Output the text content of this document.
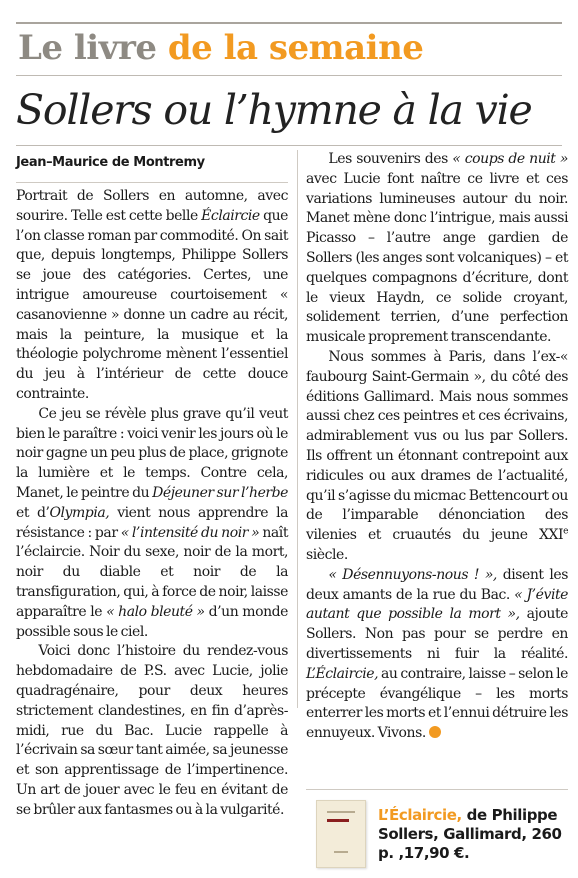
Le livre de la semaine
Sollers ou l’hymne à la vie
Jean–Maurice de Montremy

Portrait de Sollers en automne, avec sourire. Telle est cette belle Éclaircie que l’on classe roman par commodité. On sait que, depuis longtemps, Philippe Sollers se joue des catégories. Certes, une intrigue amoureuse courtoisement « casanovienne » donne un cadre au récit, mais la peinture, la musique et la théologie polychrome mènent l’essentiel du jeu à l’intérieur de cette douce contrainte.

Ce jeu se révèle plus grave qu’il veut bien le paraître : voici venir les jours où le noir gagne un peu plus de place, grignote la lumière et le temps. Contre cela, Manet, le peintre du Déjeuner sur l’herbe et d’Olympia, vient nous apprendre la résistance : par « l’intensité du noir » naît l’éclaircie. Noir du sexe, noir de la mort, noir du diable et noir de la transfiguration, qui, à force de noir, laisse apparaître le « halo bleuté » d’un monde possible sous le ciel.

Voici donc l’histoire du rendez-vous hebdomadaire de P.S. avec Lucie, jolie quadragénaire, pour deux heures strictement clandestines, en fin d’après-midi, rue du Bac. Lucie rappelle à l’écrivain sa sœur tant aimée, sa jeunesse et son apprentissage de l’impertinence. Un art de jouer avec le feu en évitant de se brûler aux fantasmes ou à la vulgarité.

Les souvenirs des « coups de nuit » avec Lucie font naître ce livre et ces variations lumineuses autour du noir. Manet mène donc l’intrigue, mais aussi Picasso – l’autre ange gardien de Sollers (les anges sont volcaniques) – et quelques compagnons d’écriture, dont le vieux Haydn, ce solide croyant, solidement terrien, d’une perfection musicale proprement transcendante.

Nous sommes à Paris, dans l’ex-« faubourg Saint-Germain », du côté des éditions Gallimard. Mais nous sommes aussi chez ces peintres et ces écrivains, admirablement vus ou lus par Sollers. Ils offrent un étonnant contrepoint aux ridicules ou aux drames de l’actualité, qu’il s’agisse du micmac Bettencourt ou de l’imparable dénonciation des vilenies et cruautés du jeune XXIe siècle.

« Désennuyons-nous ! », disent les deux amants de la rue du Bac. « J’évite autant que possible la mort », ajoute Sollers. Non pas pour se perdre en divertissements ni fuir la réalité. L’Éclaircie, au contraire, laisse – selon le précepte évangélique – les morts enterrer les morts et l’ennui détruire les ennuyeux. Vivons.

L’Éclaircie, de Philippe Sollers, Gallimard, 260 p. ,17,90 €.
